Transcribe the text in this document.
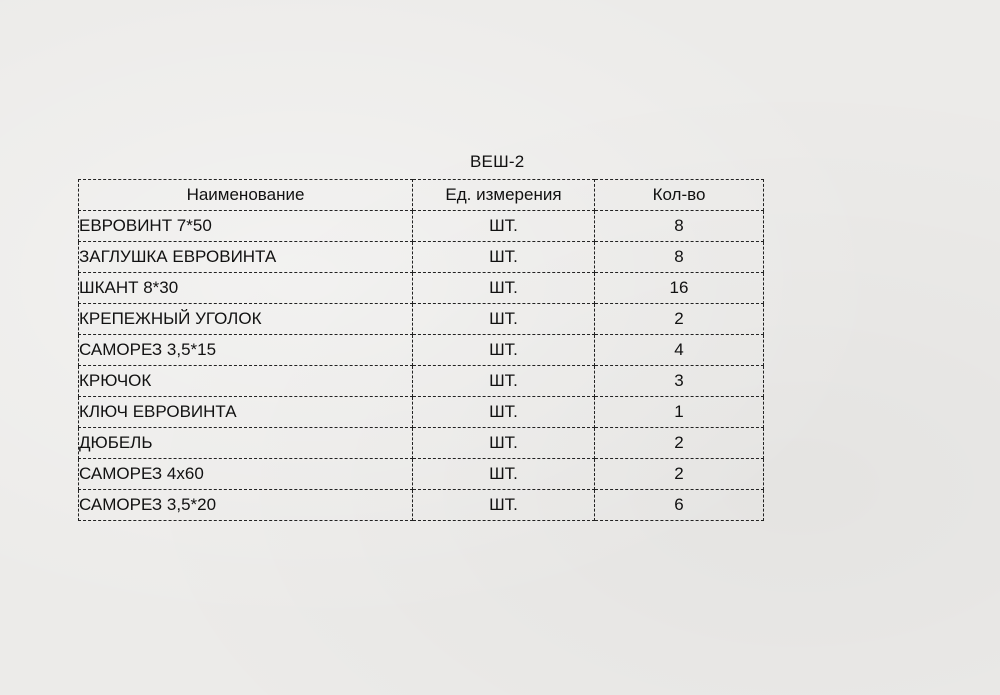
ВЕШ-2
Наименование	Ед. измерения	Кол-во
ЕВРОВИНТ 7*50	ШТ.	8
ЗАГЛУШКА ЕВРОВИНТА	ШТ.	8
ШКАНТ 8*30	ШТ.	16
КРЕПЕЖНЫЙ УГОЛОК	ШТ.	2
САМОРЕЗ 3,5*15	ШТ.	4
КРЮЧОК	ШТ.	3
КЛЮЧ ЕВРОВИНТА	ШТ.	1
ДЮБЕЛЬ	ШТ.	2
САМОРЕЗ 4x60	ШТ.	2
САМОРЕЗ 3,5*20	ШТ.	6
